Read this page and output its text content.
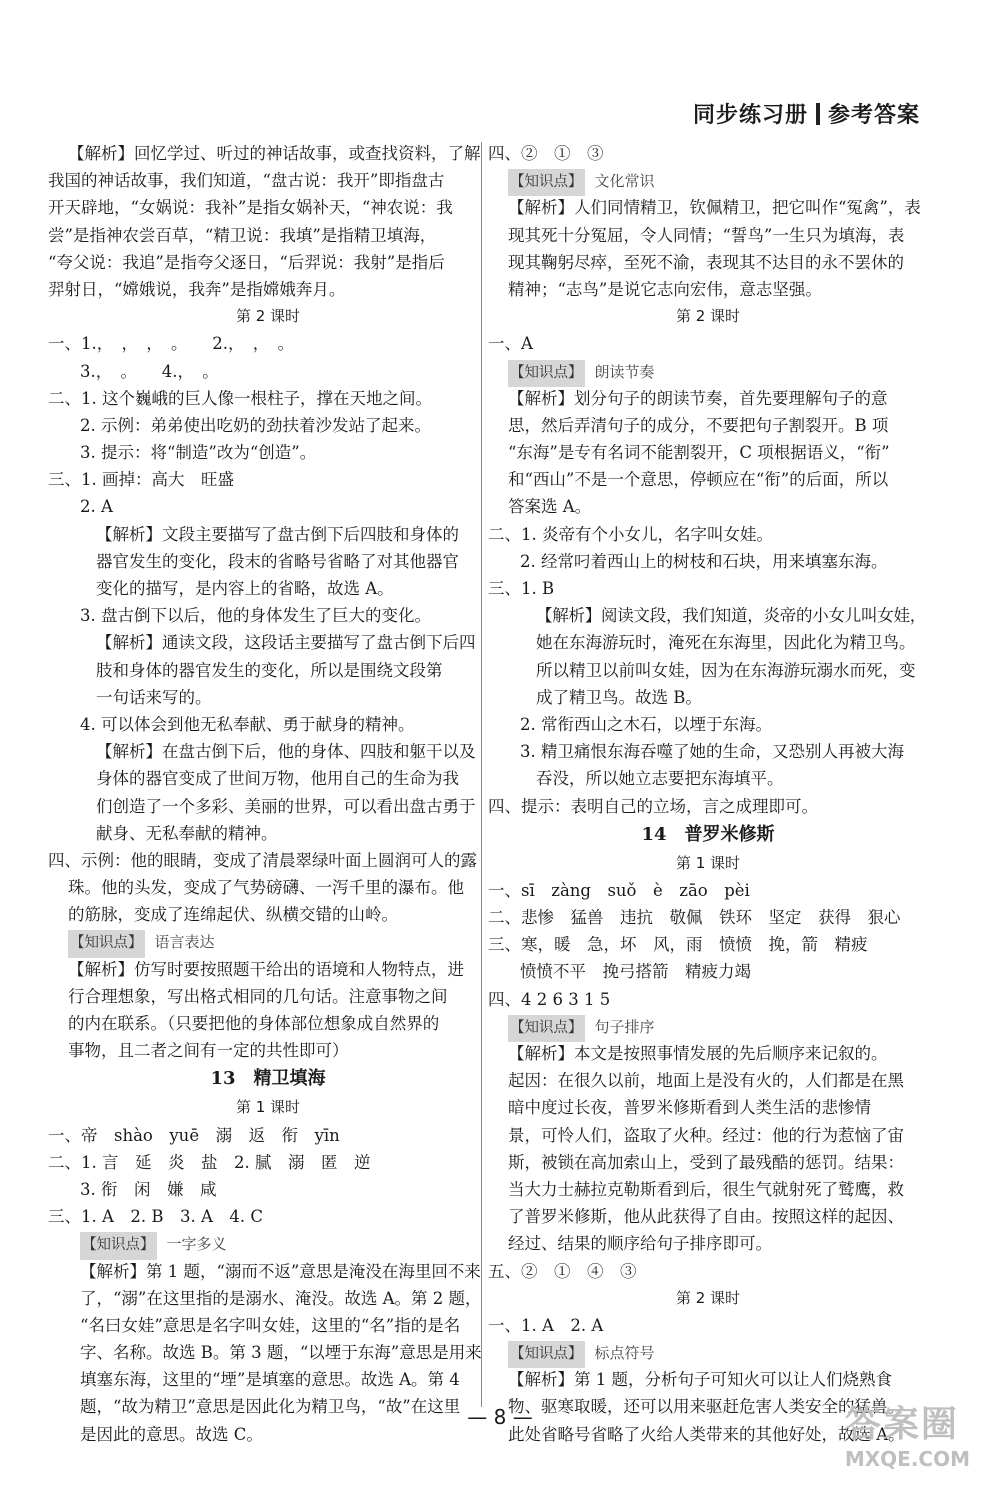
同步练习册 参考答案
【解析】回忆学过、听过的神话故事，或查找资料，了解
我国的神话故事，我们知道，“盘古说：我开”即指盘古
开天辟地，“女娲说：我补”是指女娲补天，“神农说：我
尝”是指神农尝百草，“精卫说：我填”是指精卫填海，
“夸父说：我追”是指夸父逐日，“后羿说：我射”是指后
羿射日，“嫦娥说，我奔”是指嫦娥奔月。
第 2 课时
一、1.，　，　，　。　　2.，　，　。
3.，　。　　4.，　。
二、1. 这个巍峨的巨人像一根柱子，撑在天地之间。
2. 示例：弟弟使出吃奶的劲扶着沙发站了起来。
3. 提示：将“制造”改为“创造”。
三、1. 画掉：高大　旺盛
2. A
【解析】文段主要描写了盘古倒下后四肢和身体的
器官发生的变化，段末的省略号省略了对其他器官
变化的描写，是内容上的省略，故选 A。
3. 盘古倒下以后，他的身体发生了巨大的变化。
【解析】通读文段，这段话主要描写了盘古倒下后四
肢和身体的器官发生的变化，所以是围绕文段第
一句话来写的。
4. 可以体会到他无私奉献、勇于献身的精神。
【解析】在盘古倒下后，他的身体、四肢和躯干以及
身体的器官变成了世间万物，他用自己的生命为我
们创造了一个多彩、美丽的世界，可以看出盘古勇于
献身、无私奉献的精神。
四、示例：他的眼睛，变成了清晨翠绿叶面上圆润可人的露
珠。他的头发，变成了气势磅礴、一泻千里的瀑布。他
的筋脉，变成了连绵起伏、纵横交错的山岭。
【知识点】 语言表达
【解析】仿写时要按照题干给出的语境和人物特点，进
行合理想象，写出格式相同的几句话。注意事物之间
的内在联系。（只要把他的身体部位想象成自然界的
事物，且二者之间有一定的共性即可）
13　精卫填海
第 1 课时
一、帝　shào　yuē　溺　返　衔　yīn
二、1. 言　延　炎　盐　2. 腻　溺　匿　逆
3. 衔　闲　嫌　咸
三、1. A　2. B　3. A　4. C
【知识点】 一字多义
【解析】第 1 题，“溺而不返”意思是淹没在海里回不来
了，“溺”在这里指的是溺水、淹没。故选 A。第 2 题，
“名曰女娃”意思是名字叫女娃，这里的“名”指的是名
字、名称。故选 B。第 3 题，“以堙于东海”意思是用来
填塞东海，这里的“堙”是填塞的意思。故选 A。第 4
题，“故为精卫”意思是因此化为精卫鸟，“故”在这里
是因此的意思。故选 C。
四、②　①　③
【知识点】 文化常识
【解析】人们同情精卫，钦佩精卫，把它叫作“冤禽”，表
现其死十分冤屈，令人同情；“誓鸟”一生只为填海，表
现其鞠躬尽瘁，至死不渝，表现其不达目的永不罢休的
精神；“志鸟”是说它志向宏伟，意志坚强。
第 2 课时
一、A
【知识点】 朗读节奏
【解析】划分句子的朗读节奏，首先要理解句子的意
思，然后弄清句子的成分，不要把句子割裂开。B 项
“东海”是专有名词不能割裂开，C 项根据语义，“衔”
和“西山”不是一个意思，停顿应在“衔”的后面，所以
答案选 A。
二、1. 炎帝有个小女儿，名字叫女娃。
2. 经常叼着西山上的树枝和石块，用来填塞东海。
三、1. B
【解析】阅读文段，我们知道，炎帝的小女儿叫女娃，
她在东海游玩时，淹死在东海里，因此化为精卫鸟。
所以精卫以前叫女娃，因为在东海游玩溺水而死，变
成了精卫鸟。故选 B。
2. 常衔西山之木石，以堙于东海。
3. 精卫痛恨东海吞噬了她的生命，又恐别人再被大海
吞没，所以她立志要把东海填平。
四、提示：表明自己的立场，言之成理即可。
14　普罗米修斯
第 1 课时
一、sī　zàng　suǒ　è　zāo　pèi
二、悲惨　猛兽　违抗　敬佩　铁环　坚定　获得　狠心
三、寒，暖　急，坏　风，雨　愤愤　挽，箭　精疲
愤愤不平　挽弓搭箭　精疲力竭
四、4 2 6 3 1 5
【知识点】 句子排序
【解析】本文是按照事情发展的先后顺序来记叙的。
起因：在很久以前，地面上是没有火的，人们都是在黑
暗中度过长夜，普罗米修斯看到人类生活的悲惨情
景，可怜人们，盗取了火种。经过：他的行为惹恼了宙
斯，被锁在高加索山上，受到了最残酷的惩罚。结果：
当大力士赫拉克勒斯看到后，很生气就射死了鹫鹰，救
了普罗米修斯，他从此获得了自由。按照这样的起因、
经过、结果的顺序给句子排序即可。
五、②　①　④　③
第 2 课时
一、1. A　2. A
【知识点】 标点符号
【解析】第 1 题，分析句子可知火可以让人们烧熟食
物、驱寒取暖，还可以用来驱赶危害人类安全的猛兽。
此处省略号省略了火给人类带来的其他好处，故选 A。
— 8 —	答案圈
MXQE.COM
